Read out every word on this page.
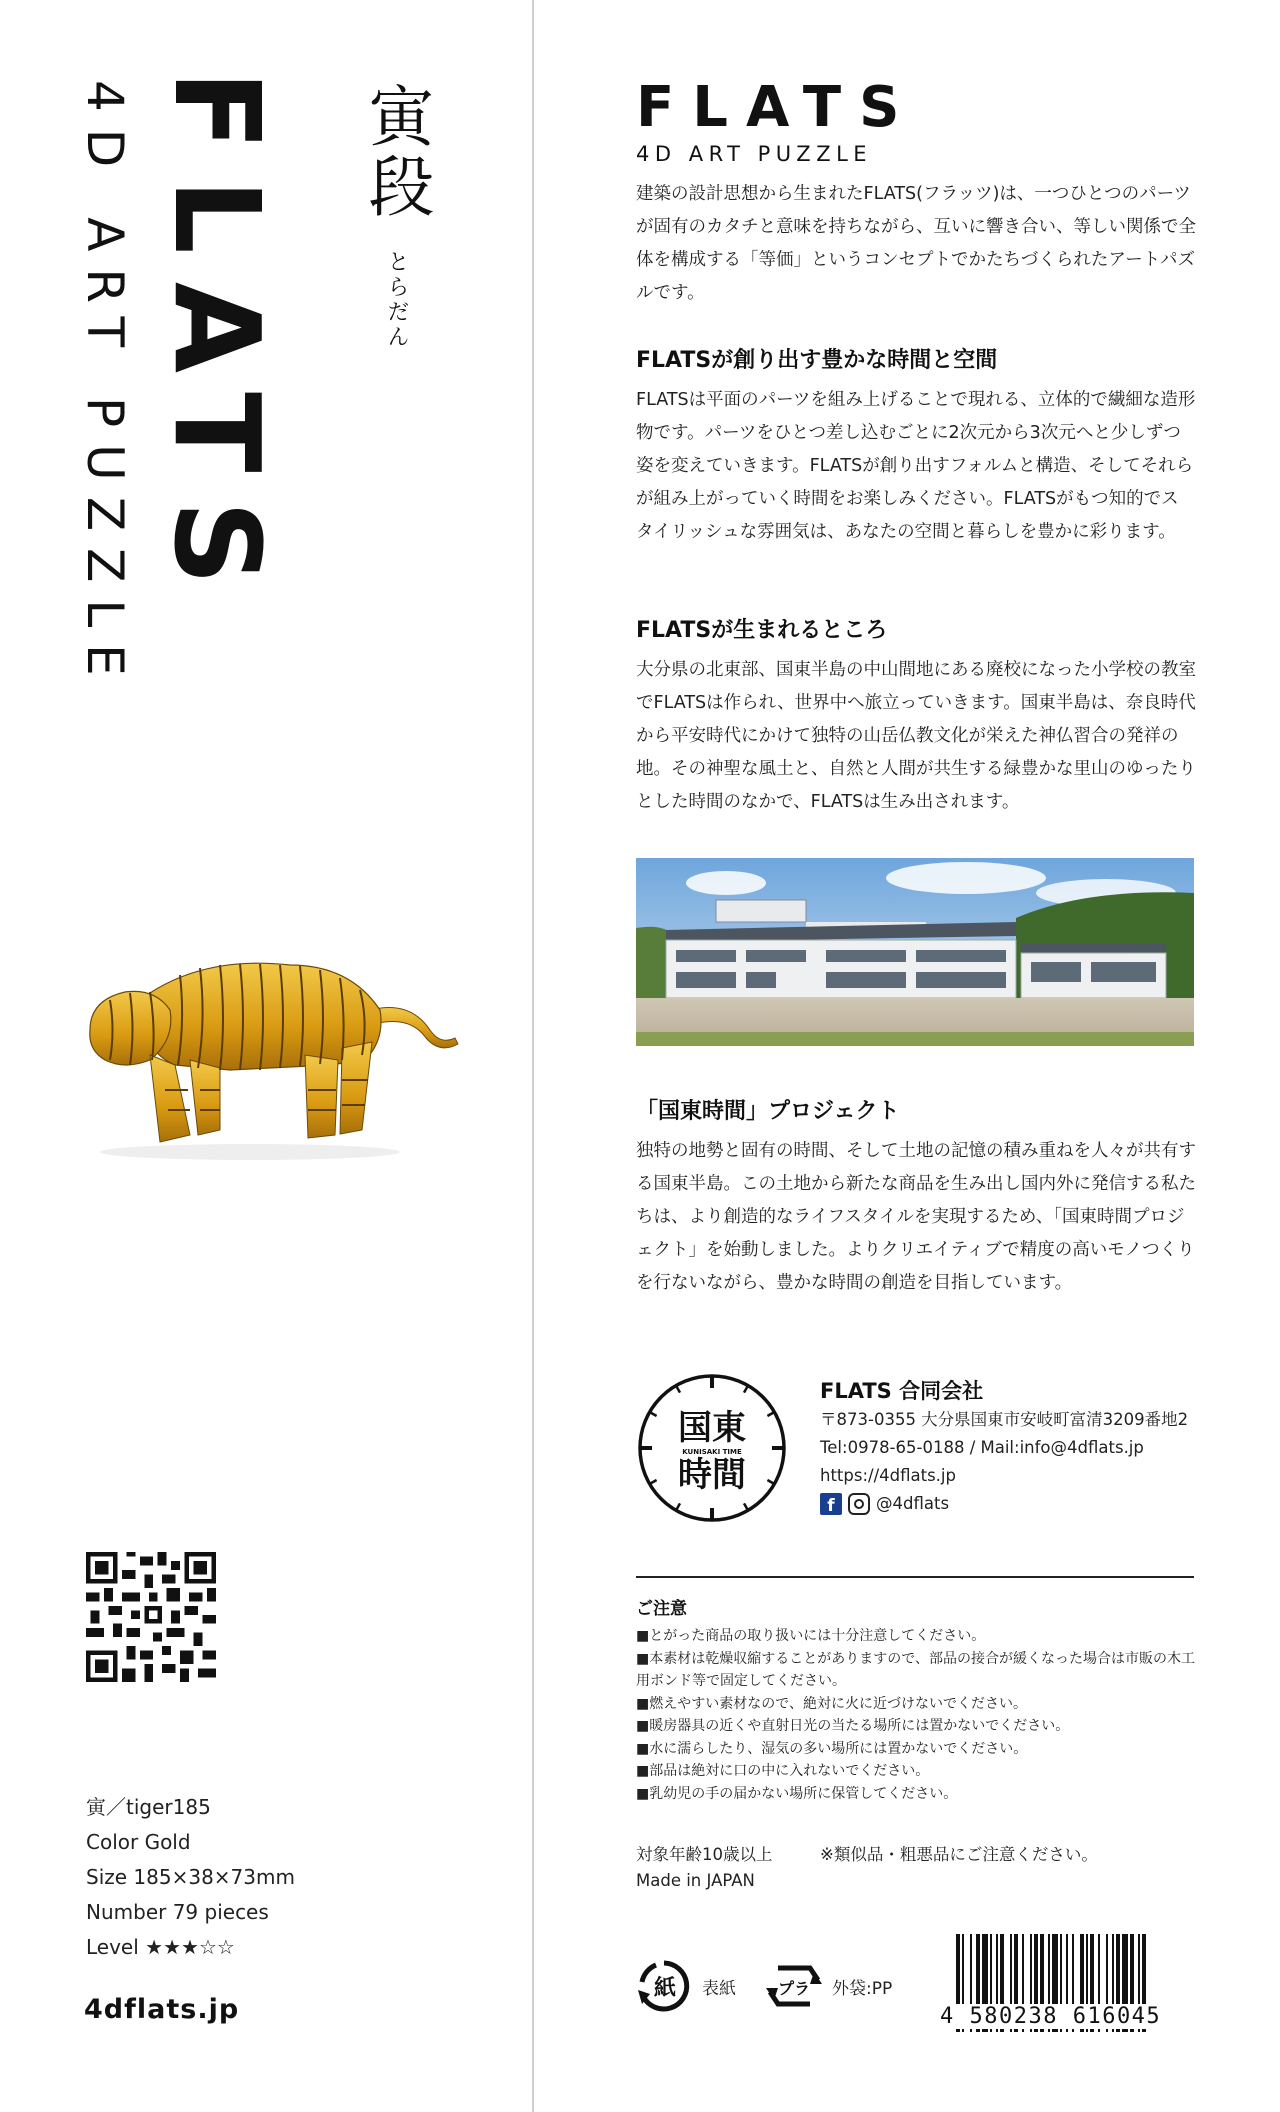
4D ART PUZZLE FLATS 寅段
とらだん
寅／tiger185
Color Gold
Size 185×38×73mm
Number 79 pieces
Level ★★★☆☆
4dflats.jp
FLATS
4D ART PUZZLE

建築の設計思想から生まれたFLATS(フラッツ)は、一つひとつのパーツが固有のカタチと意味を持ちながら、互いに響き合い、等しい関係で全体を構成する「等価」というコンセプトでかたちづくられたアートパズルです。

FLATSが創り出す豊かな時間と空間

FLATSは平面のパーツを組み上げることで現れる、立体的で繊細な造形物です。パーツをひとつ差し込むごとに2次元から3次元へと少しずつ姿を変えていきます。FLATSが創り出すフォルムと構造、そしてそれらが組み上がっていく時間をお楽しみください。FLATSがもつ知的でスタイリッシュな雰囲気は、あなたの空間と暮らしを豊かに彩ります。

FLATSが生まれるところ

大分県の北東部、国東半島の中山間地にある廃校になった小学校の教室でFLATSは作られ、世界中へ旅立っていきます。国東半島は、奈良時代から平安時代にかけて独特の山岳仏教文化が栄えた神仏習合の発祥の地。その神聖な風土と、自然と人間が共生する緑豊かな里山のゆったりとした時間のなかで、FLATSは生み出されます。

「国東時間」プロジェクト

独特の地勢と固有の時間、そして土地の記憶の積み重ねを人々が共有する国東半島。この土地から新たな商品を生み出し国内外に発信する私たちは、より創造的なライフスタイルを実現するため、「国東時間プロジェクト」を始動しました。よりクリエイティブで精度の高いモノつくりを行ないながら、豊かな時間の創造を目指しています。

国東
KUNISAKI TIME
時間
FLATS 合同会社
〒873-0355 大分県国東市安岐町富清3209番地2
Tel:0978-65-0188 / Mail:info@4dflats.jp
https://4dflats.jp
f	@4dflats
ご注意
■とがった商品の取り扱いには十分注意してください。
■本素材は乾燥収縮することがありますので、部品の接合が緩くなった場合は市販の木工用ボンド等で固定してください。
■燃えやすい素材なので、絶対に火に近づけないでください。
■暖房器具の近くや直射日光の当たる場所には置かないでください。
■水に濡らしたり、湿気の多い場所には置かないでください。
■部品は絶対に口の中に入れないでください。
■乳幼児の手の届かない場所に保管してください。
対象年齢10歳以上	※類似品・粗悪品にご注意ください。
Made in JAPAN
紙 表紙	プラ 外袋:PP
4 580238 616045
